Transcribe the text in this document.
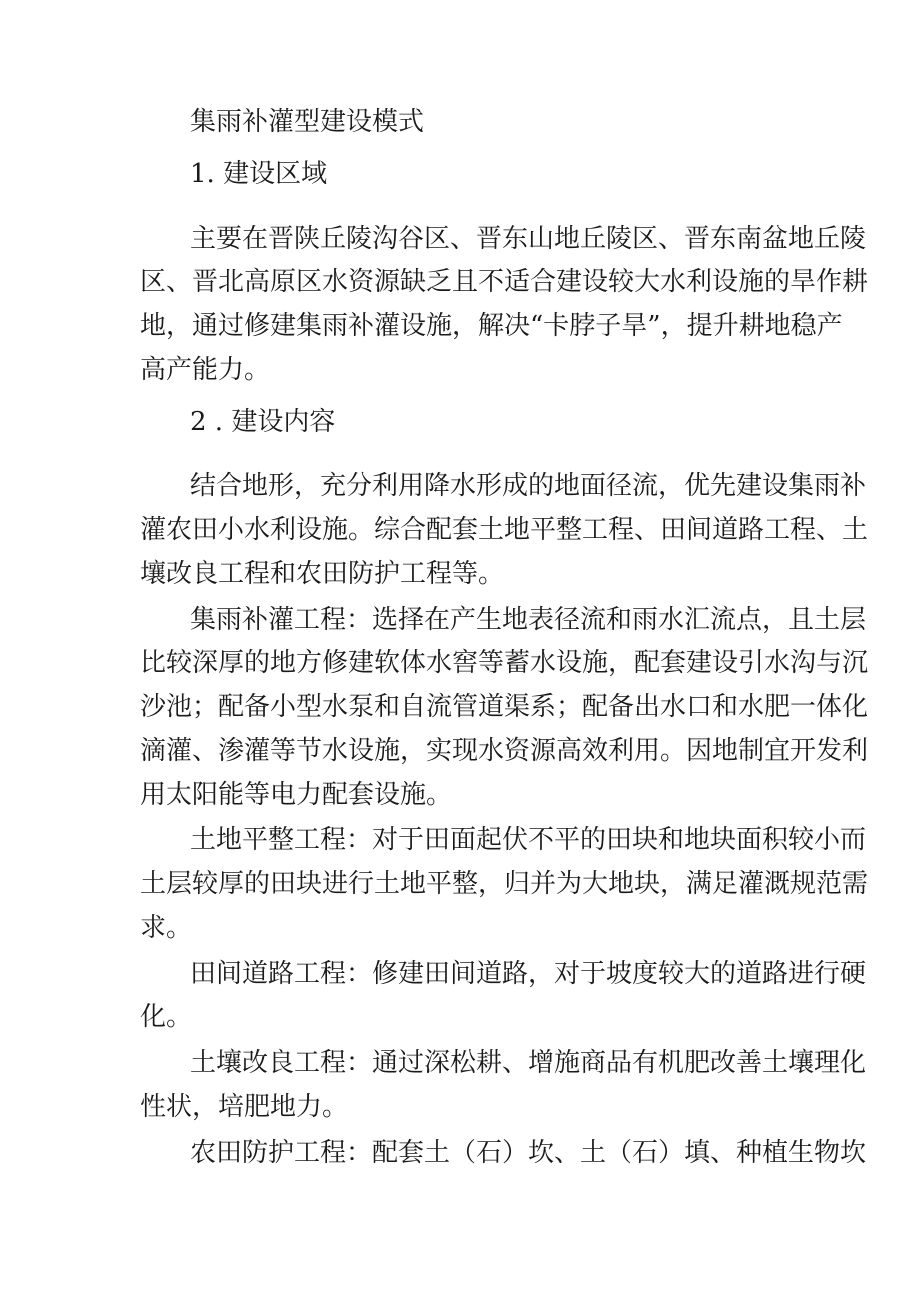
集雨补灌型建设模式

1. 建设区域

主要在晋陕丘陵沟谷区、晋东山地丘陵区、晋东南盆地丘陵

区、晋北高原区水资源缺乏且不适合建设较大水利设施的旱作耕

地，通过修建集雨补灌设施，解决“卡脖子旱”，提升耕地稳产

高产能力。

2 . 建设内容

结合地形，充分利用降水形成的地面径流，优先建设集雨补

灌农田小水利设施。综合配套土地平整工程、田间道路工程、土

壤改良工程和农田防护工程等。

集雨补灌工程：选择在产生地表径流和雨水汇流点，且土层

比较深厚的地方修建软体水窖等蓄水设施，配套建设引水沟与沉

沙池；配备小型水泵和自流管道渠系；配备出水口和水肥一体化

滴灌、渗灌等节水设施，实现水资源高效利用。因地制宜开发利

用太阳能等电力配套设施。

土地平整工程：对于田面起伏不平的田块和地块面积较小而

土层较厚的田块进行土地平整，归并为大地块，满足灌溉规范需

求。

田间道路工程：修建田间道路，对于坡度较大的道路进行硬

化。

土壤改良工程：通过深松耕、增施商品有机肥改善土壤理化

性状，培肥地力。

农田防护工程：配套土（石）坎、土（石）填、种植生物坎
